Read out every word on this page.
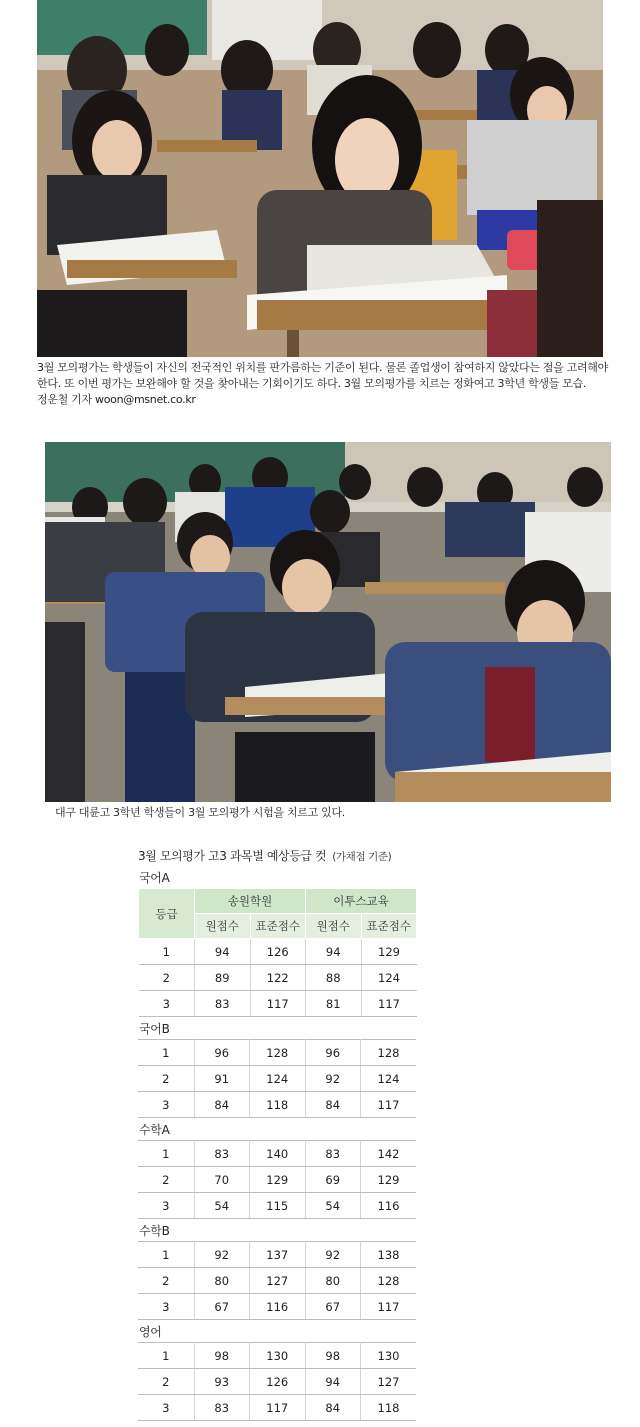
3월 모의평가는 학생들이 자신의 전국적인 위치를 판가름하는 기준이 된다. 물론 졸업생이 참여하지 않았다는 점을 고려해야 한다. 또 이번 평가는 보완해야 할 것을 찾아내는 기회이기도 하다. 3월 모의평가를 치르는 정화여고 3학년 학생들 모습.
정운철 기자 woon@msnet.co.kr
대구 대륜고 3학년 학생들이 3월 모의평가 시험을 치르고 있다.
3월 모의평가 고3 과목별 예상등급 컷 (가채점 기준)
국어A
등급	송원학원		이투스교육	
	원점수	표준점수	원점수	표준점수
1	94	126	94	129
2	89	122	88	124
3	83	117	81	117
국어B
1	96	128	96	128
2	91	124	92	124
3	84	118	84	117
수학A
1	83	140	83	142
2	70	129	69	129
3	54	115	54	116
수학B
1	92	137	92	138
2	80	127	80	128
3	67	116	67	117
영어
1	98	130	98	130
2	93	126	94	127
3	83	117	84	118
